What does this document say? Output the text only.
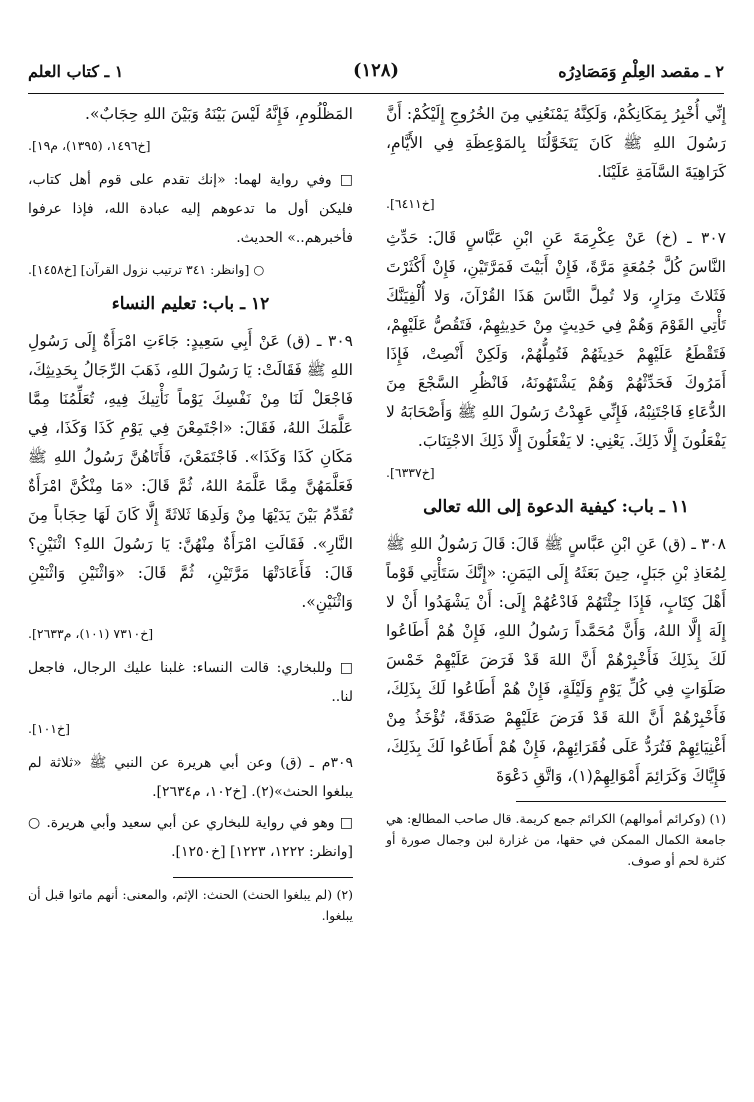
٢ ـ مقصد العِلْمِ وَمَصَادِرُه
(١٢٨)
١ ـ كتاب العلم

إِنِّي أُخْبِرُ بِمَكَانِكُمْ، وَلَكِنَّهُ يَمْنَعُنِي مِنَ الخُرُوجِ إِلَيْكُمْ: أَنَّ رَسُولَ اللهِ ﷺ كَانَ يَتَخَوَّلُنَا بِالمَوْعِظَةِ فِي الأَيَّامِ، كَرَاهِيَةَ السَّآمَةِ عَلَيْنَا.

[خ٦٤١١].

٣٠٧ ـ (خ) عَنْ عِكْرِمَةَ عَنِ ابْنِ عَبَّاسٍ قَالَ: حَدِّثِ النَّاسَ كُلَّ جُمُعَةٍ مَرَّةً، فَإِنْ أَبَيْتَ فَمَرَّتَيْنِ، فَإِنْ أَكْثَرْتَ فَثَلاثَ مِرَارٍ، وَلا تُمِلَّ النَّاسَ هَذَا القُرْآنَ، وَلا أُلْفِيَنَّكَ تَأْتِي القَوْمَ وَهُمْ فِي حَدِيثٍ مِنْ حَدِيثِهِمْ، فَتَقُصُّ عَلَيْهِمْ، فَتَقْطَعُ عَلَيْهِمْ حَدِيثَهُمْ فَتُمِلُّهُمْ، وَلَكِنْ أَنْصِتْ، فَإِذَا أَمَرُوكَ فَحَدِّثْهُمْ وَهُمْ يَشْتَهُونَهُ، فَانْظُرِ السَّجْعَ مِنَ الدُّعَاءِ فَاجْتَنِبْهُ، فَإِنِّي عَهِدْتُ رَسُولَ اللهِ ﷺ وَأَصْحَابَهُ لا يَفْعَلُونَ إِلَّا ذَلِكَ. يَعْنِي: لا يَفْعَلُونَ إِلَّا ذَلِكَ الاجْتِنَابَ.

[خ٦٣٣٧].

١١ ـ باب: كيفية الدعوة إلى الله تعالى

٣٠٨ ـ (ق) عَنِ ابْنِ عَبَّاسٍ ﷺ قَالَ: قَالَ رَسُولُ اللهِ ﷺ لِمُعَاذِ بْنِ جَبَلٍ، حِينَ بَعَثَهُ إِلَى اليَمَنِ: «إِنَّكَ سَتَأْتِي قَوْماً أَهْلَ كِتَابٍ، فَإِذَا جِئْتَهُمْ فَادْعُهُمْ إِلَى: أَنْ يَشْهَدُوا أَنْ لا إِلَهَ إِلَّا اللهُ، وَأَنَّ مُحَمَّداً رَسُولُ اللهِ، فَإِنْ هُمْ أَطَاعُوا لَكَ بِذَلِكَ فَأَخْبِرْهُمْ أَنَّ اللهَ قَدْ فَرَضَ عَلَيْهِمْ خَمْسَ صَلَوَاتٍ فِي كُلِّ يَوْمٍ وَلَيْلَةٍ، فَإِنْ هُمْ أَطَاعُوا لَكَ بِذَلِكَ، فَأَخْبِرْهُمْ أَنَّ اللهَ قَدْ فَرَضَ عَلَيْهِمْ صَدَقَةً، تُؤْخَذُ مِنْ أَغْنِيَائِهِمْ فَتُرَدُّ عَلَى فُقَرَائِهِمْ، فَإِنْ هُمْ أَطَاعُوا لَكَ بِذَلِكَ، فَإِيَّاكَ وَكَرَائِمَ أَمْوَالِهِمْ(١)، وَاتَّقِ دَعْوَةَ

(١) (وكرائم أموالهم) الكرائم جمع كريمة. قال صاحب المطالع: هي جامعة الكمال الممكن في حقها، من غزارة لبن وجمال صورة أو كثرة لحم أو صوف.

المَظْلُومِ، فَإِنَّهُ لَيْسَ بَيْنَهُ وَبَيْنَ اللهِ حِجَابٌ».

[خ١٤٩٦، (١٣٩٥)، م١٩].

□ وفي رواية لهما: «إنك تقدم على قوم أهل كتاب، فليكن أول ما تدعوهم إليه عبادة الله، فإذا عرفوا فأخبرهم..» الحديث.

○ [وانظر: ٣٤١ ترتيب نزول القرآن] [خ١٤٥٨].

١٢ ـ باب: تعليم النساء

٣٠٩ ـ (ق) عَنْ أَبِي سَعِيدٍ: جَاءَتِ امْرَأَةٌ إِلَى رَسُولِ اللهِ ﷺ فَقَالَتْ: يَا رَسُولَ اللهِ، ذَهَبَ الرِّجَالُ بِحَدِيثِكَ، فَاجْعَلْ لَنَا مِنْ نَفْسِكَ يَوْماً نَأْتِيكَ فِيهِ، تُعَلِّمُنَا مِمَّا عَلَّمَكَ اللهُ، فَقَالَ: «اجْتَمِعْنَ فِي يَوْمِ كَذَا وَكَذَا، فِي مَكَانِ كَذَا وَكَذَا». فَاجْتَمَعْنَ، فَأَتَاهُنَّ رَسُولُ اللهِ ﷺ فَعَلَّمَهُنَّ مِمَّا عَلَّمَهُ اللهُ، ثُمَّ قَالَ: «مَا مِنْكُنَّ امْرَأَةٌ تُقَدِّمُ بَيْنَ يَدَيْهَا مِنْ وَلَدِهَا ثَلاثَةً إِلَّا كَانَ لَهَا حِجَاباً مِنَ النَّارِ». فَقَالَتِ امْرَأَةٌ مِنْهُنَّ: يَا رَسُولَ اللهِ؟ اثْنَيْنِ؟ قَالَ: فَأَعَادَتْهَا مَرَّتَيْنِ، ثُمَّ قَالَ: «وَاثْنَيْنِ وَاثْنَيْنِ وَاثْنَيْنِ».

[خ٧٣١٠ (١٠١)، م٢٦٣٣].

□ وللبخاري: قالت النساء: غلبنا عليك الرجال، فاجعل لنا..

[خ١٠١].

٣٠٩م ـ (ق) وعن أبي هريرة عن النبي ﷺ «ثلاثة لم يبلغوا الحنث»(٢). [خ١٠٢، م٢٦٣٤].

□ وهو في رواية للبخاري عن أبي سعيد وأبي هريرة. ○ [وانظر: ١٢٢٢، ١٢٢٣] [خ١٢٥٠].

(٢) (لم يبلغوا الحنث) الحنث: الإثم، والمعنى: أنهم ماتوا قبل أن يبلغوا.
